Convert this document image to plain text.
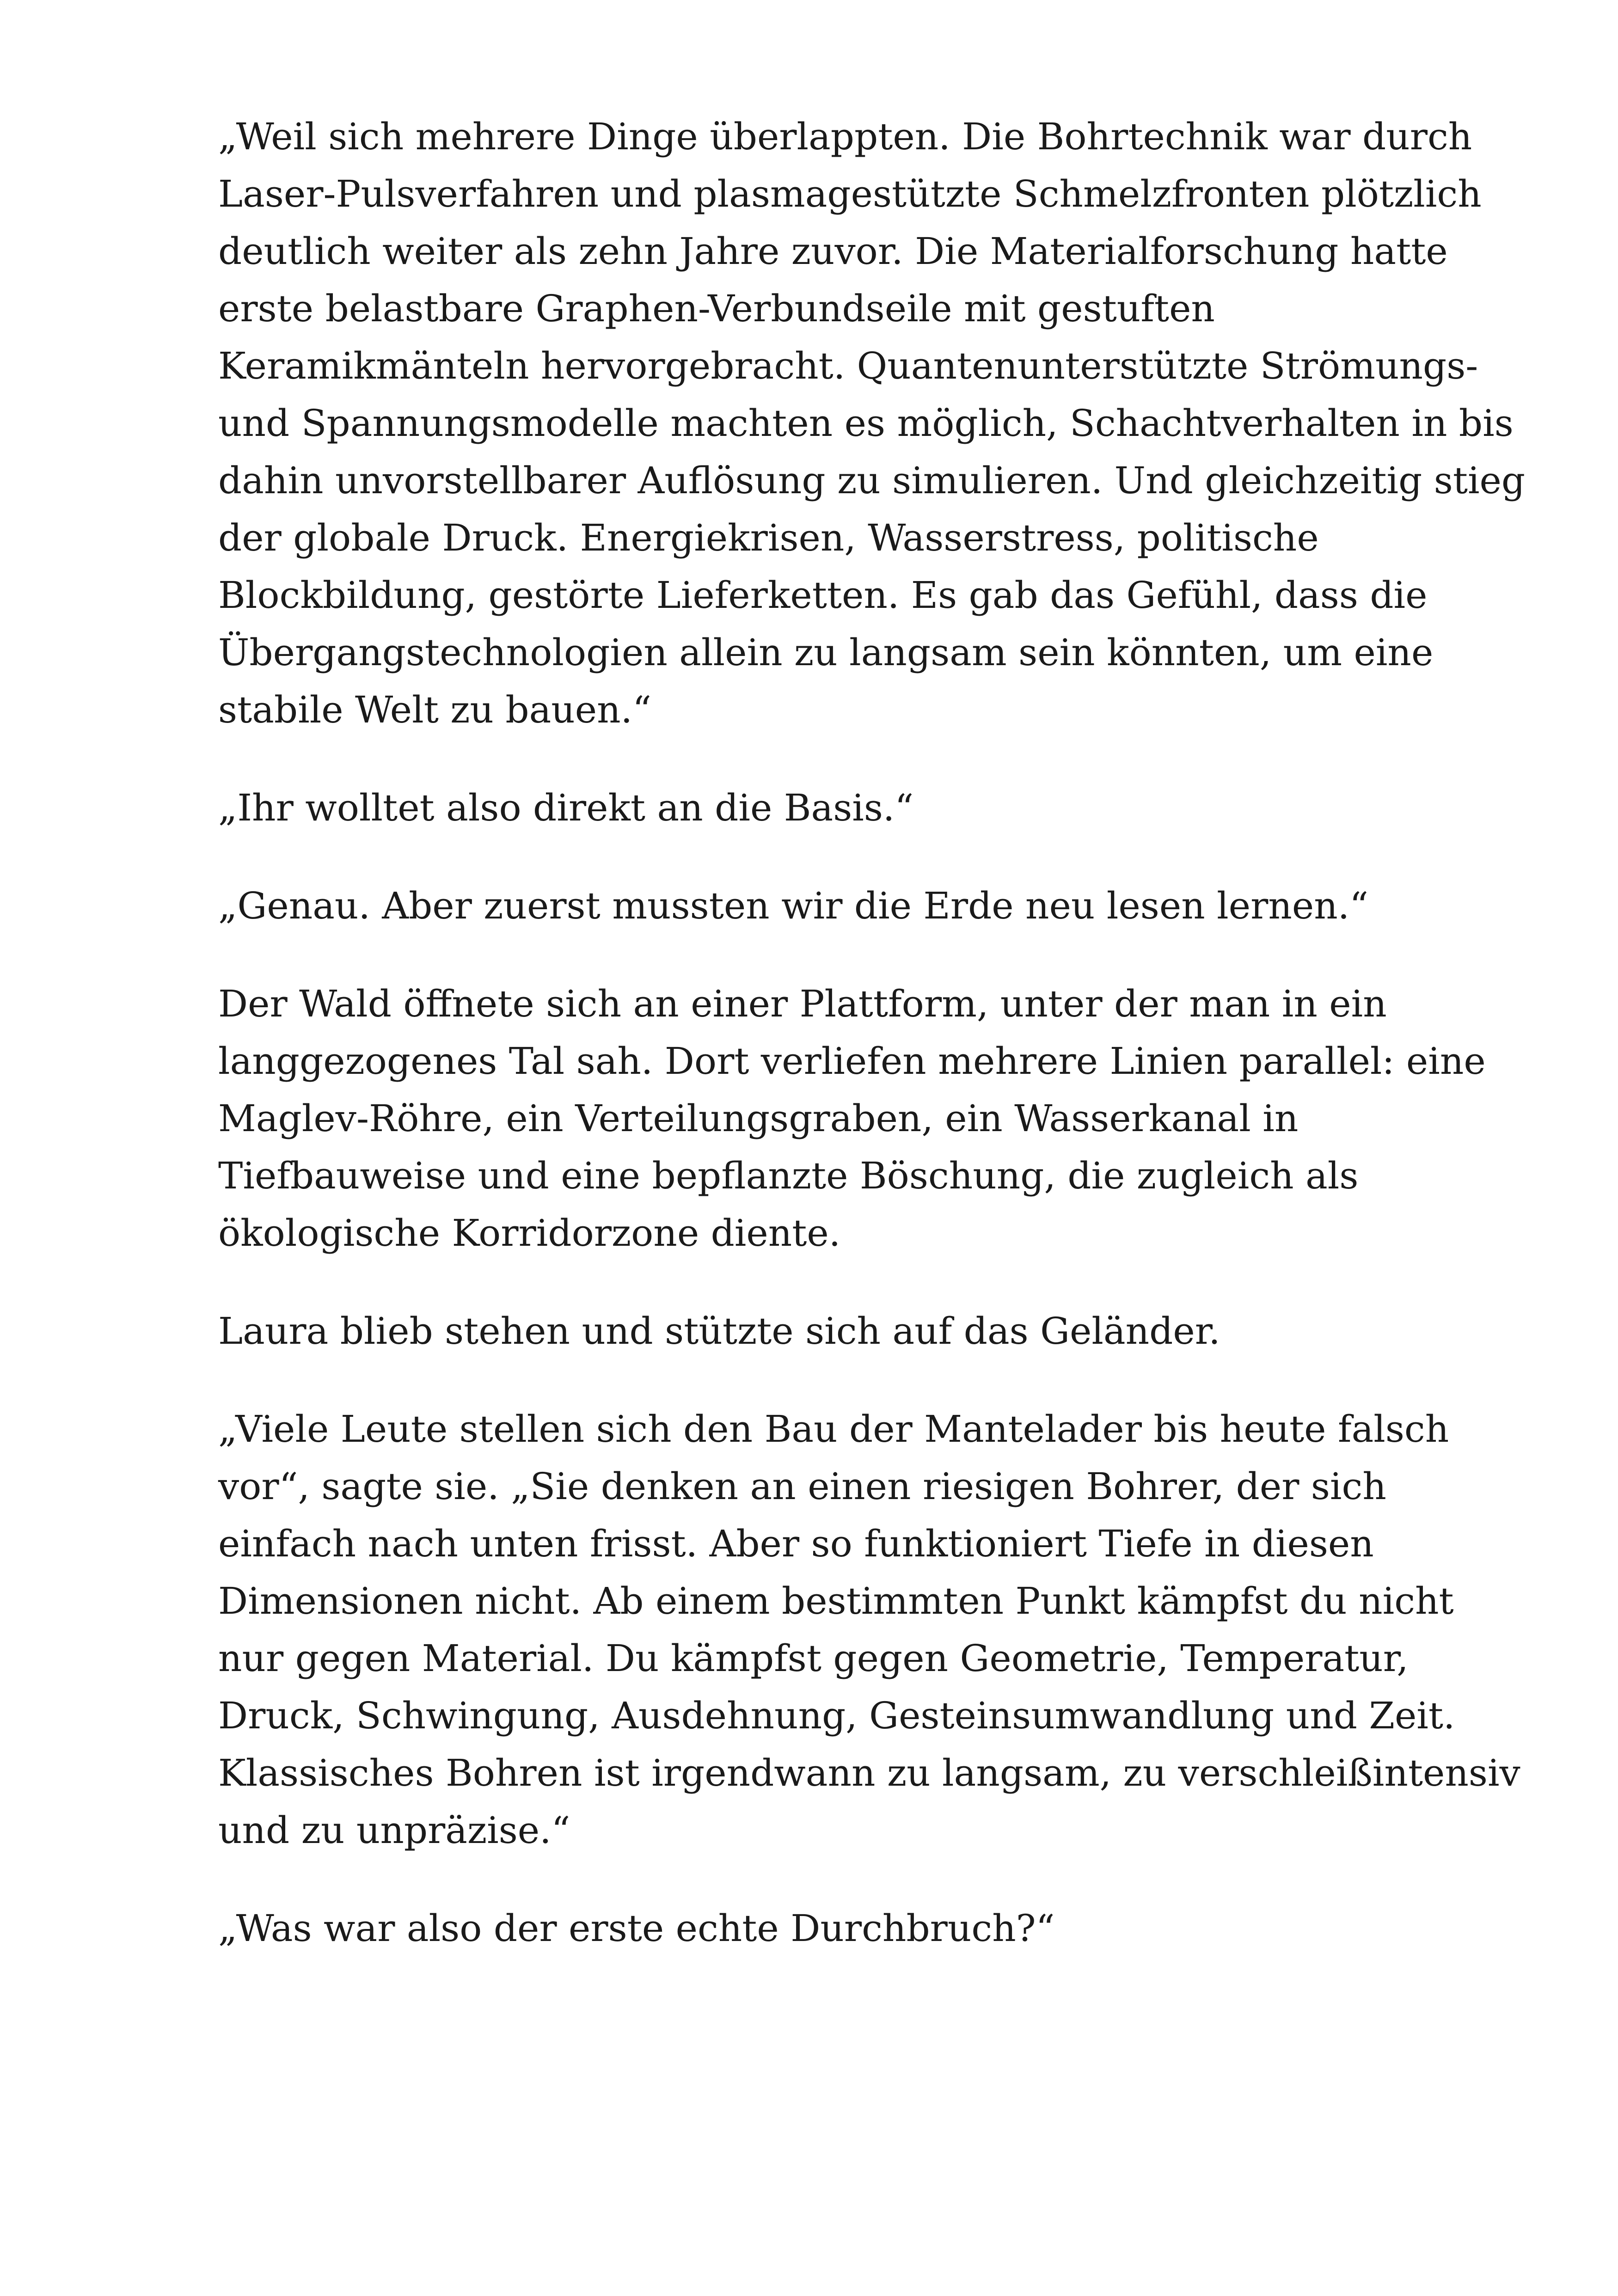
„Weil sich mehrere Dinge überlappten. Die Bohrtechnik war durch Laser-Pulsverfahren und plasmagestützte Schmelzfronten plötzlich deutlich weiter als zehn Jahre zuvor. Die Materialforschung hatte erste belastbare Graphen-Verbundseile mit gestuften Keramikmänteln hervorgebracht. Quantenunterstützte Strömungs- und Spannungsmodelle machten es möglich, Schachtverhalten in bis dahin unvorstellbarer Auflösung zu simulieren. Und gleichzeitig stieg der globale Druck. Energiekrisen, Wasserstress, politische Blockbildung, gestörte Lieferketten. Es gab das Gefühl, dass die Übergangstechnologien allein zu langsam sein könnten, um eine stabile Welt zu bauen.“

„Ihr wolltet also direkt an die Basis.“

„Genau. Aber zuerst mussten wir die Erde neu lesen lernen.“

Der Wald öffnete sich an einer Plattform, unter der man in ein langgezogenes Tal sah. Dort verliefen mehrere Linien parallel: eine Maglev-Röhre, ein Verteilungsgraben, ein Wasserkanal in Tiefbauweise und eine bepflanzte Böschung, die zugleich als ökologische Korridorzone diente.

Laura blieb stehen und stützte sich auf das Geländer.

„Viele Leute stellen sich den Bau der Mantelader bis heute falsch vor“, sagte sie. „Sie denken an einen riesigen Bohrer, der sich einfach nach unten frisst. Aber so funktioniert Tiefe in diesen Dimensionen nicht. Ab einem bestimmten Punkt kämpfst du nicht nur gegen Material. Du kämpfst gegen Geometrie, Temperatur, Druck, Schwingung, Ausdehnung, Gesteinsumwandlung und Zeit. Klassisches Bohren ist irgendwann zu langsam, zu verschleißintensiv und zu unpräzise.“

„Was war also der erste echte Durchbruch?“
